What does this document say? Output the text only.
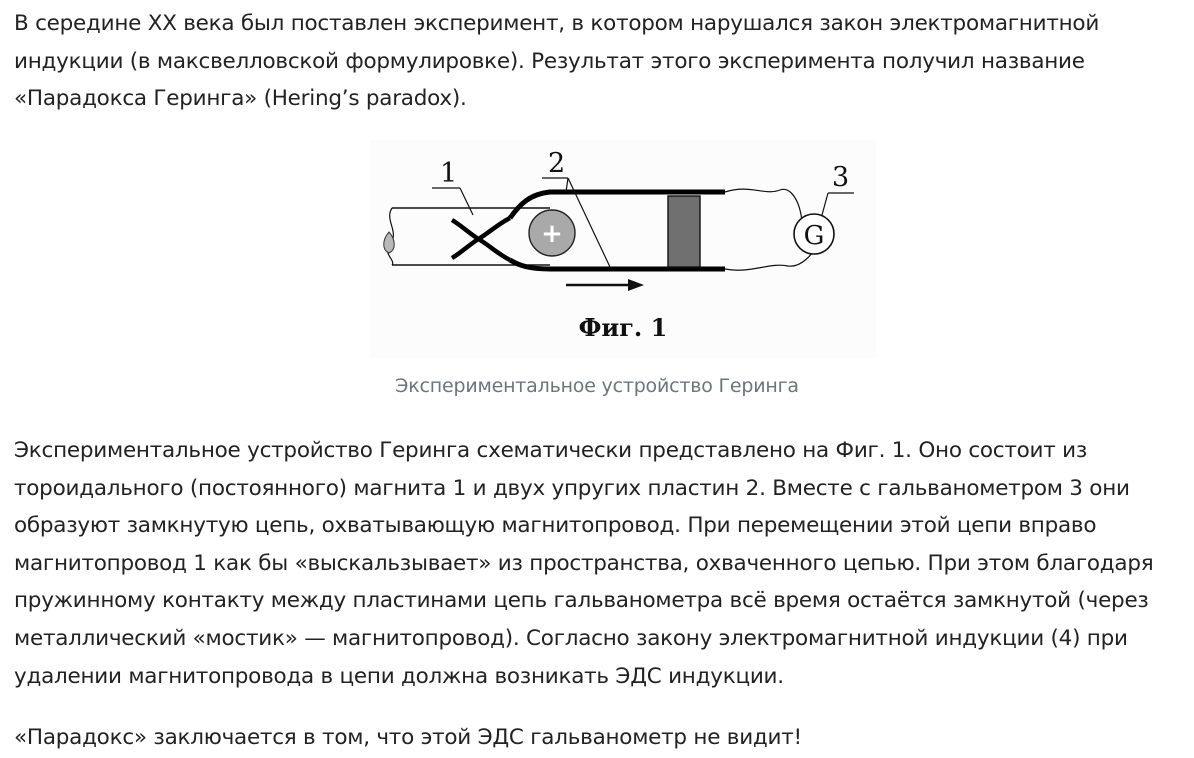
В середине XX века был поставлен эксперимент, в котором нарушался закон электромагнитной индукции (в максвелловской формулировке). Результат этого эксперимента получил название «Парадокса Геринга» (Hering’s paradox).

+
1	2
G
3
Фиг. 1
Экспериментальное устройство Геринга

Экспериментальное устройство Геринга схематически представлено на Фиг. 1. Оно состоит из тороидального (постоянного) магнита 1 и двух упругих пластин 2. Вместе с гальванометром 3 они образуют замкнутую цепь, охватывающую магнитопровод. При перемещении этой цепи вправо магнитопровод 1 как бы «выскальзывает» из пространства, охваченного цепью. При этом благодаря пружинному контакту между пластинами цепь гальванометра всё время остаётся замкнутой (через металлический «мостик» — магнитопровод). Согласно закону электромагнитной индукции (4) при удалении магнитопровода в цепи должна возникать ЭДС индукции.

«Парадокс» заключается в том, что этой ЭДС гальванометр не видит!
